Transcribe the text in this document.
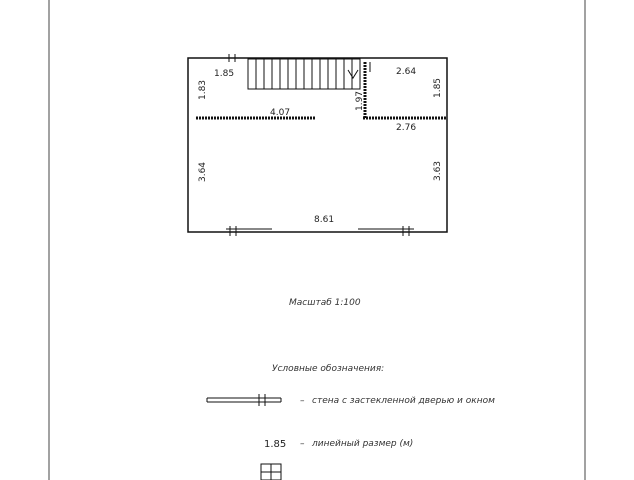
1.85
1.83
4.07
1.97
2.64
1.85
2.76
3.64	3.63
8.61
Масштаб 1:100
Условные обозначения:
– стена с застекленной дверью и окном
1.85 – линейный размер (м)
